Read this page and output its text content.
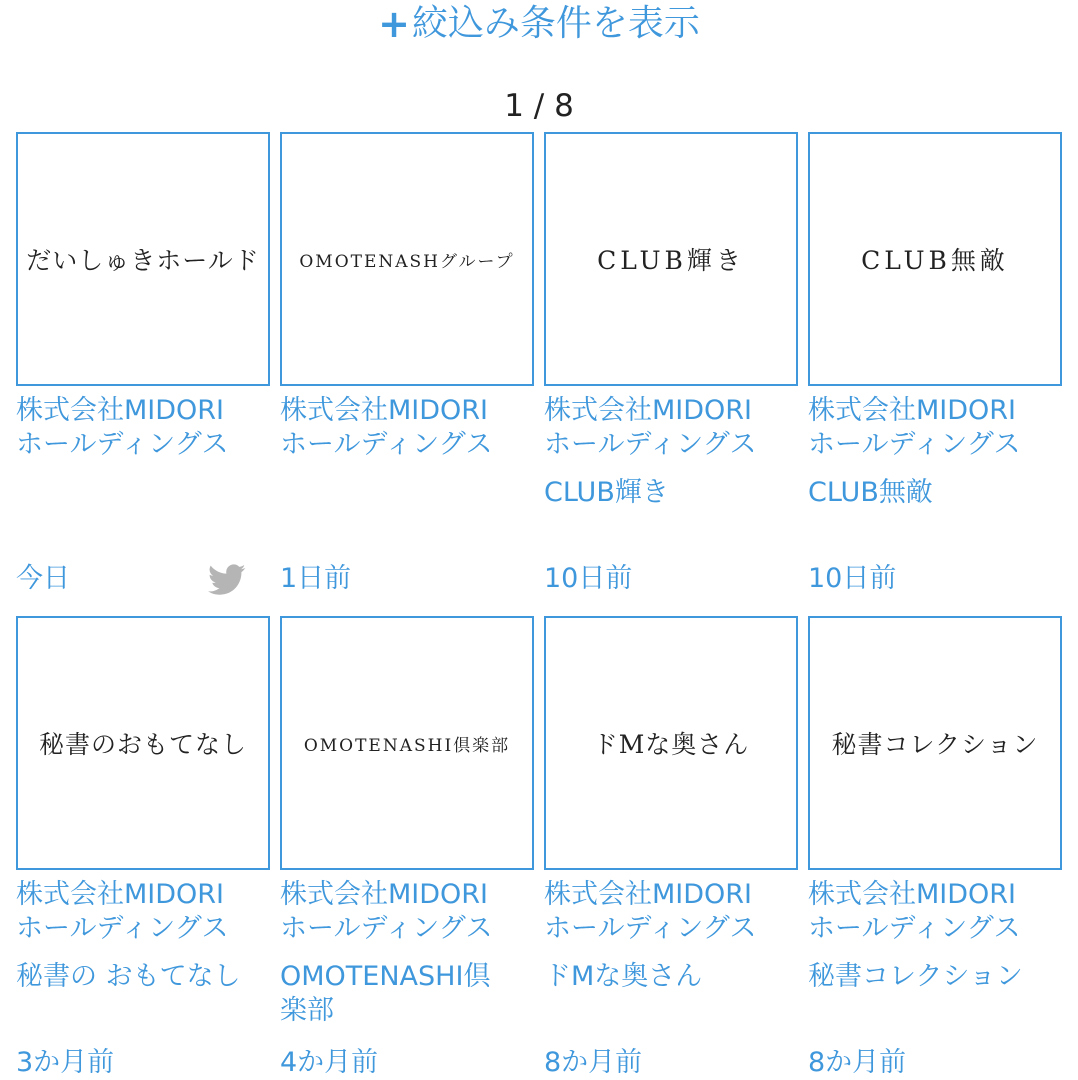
+ 絞込み条件を表示
1 / 8
だいしゅきホールド
株式会社MIDORI
ホールディングス
今日
OMOTENASHグループ
株式会社MIDORI
ホールディングス
1日前
CLUB輝き
株式会社MIDORI
ホールディングス
CLUB輝き
10日前
CLUB無敵
株式会社MIDORI
ホールディングス
CLUB無敵
10日前
秘書のおもてなし
株式会社MIDORI
ホールディングス
秘書の おもてなし
3か月前
OMOTENASHI倶楽部
株式会社MIDORI
ホールディングス
OMOTENASHI倶楽部
4か月前
ドMな奥さん
株式会社MIDORI
ホールディングス
ドMな奥さん
8か月前
秘書コレクション
株式会社MIDORI
ホールディングス
秘書コレクション
8か月前
